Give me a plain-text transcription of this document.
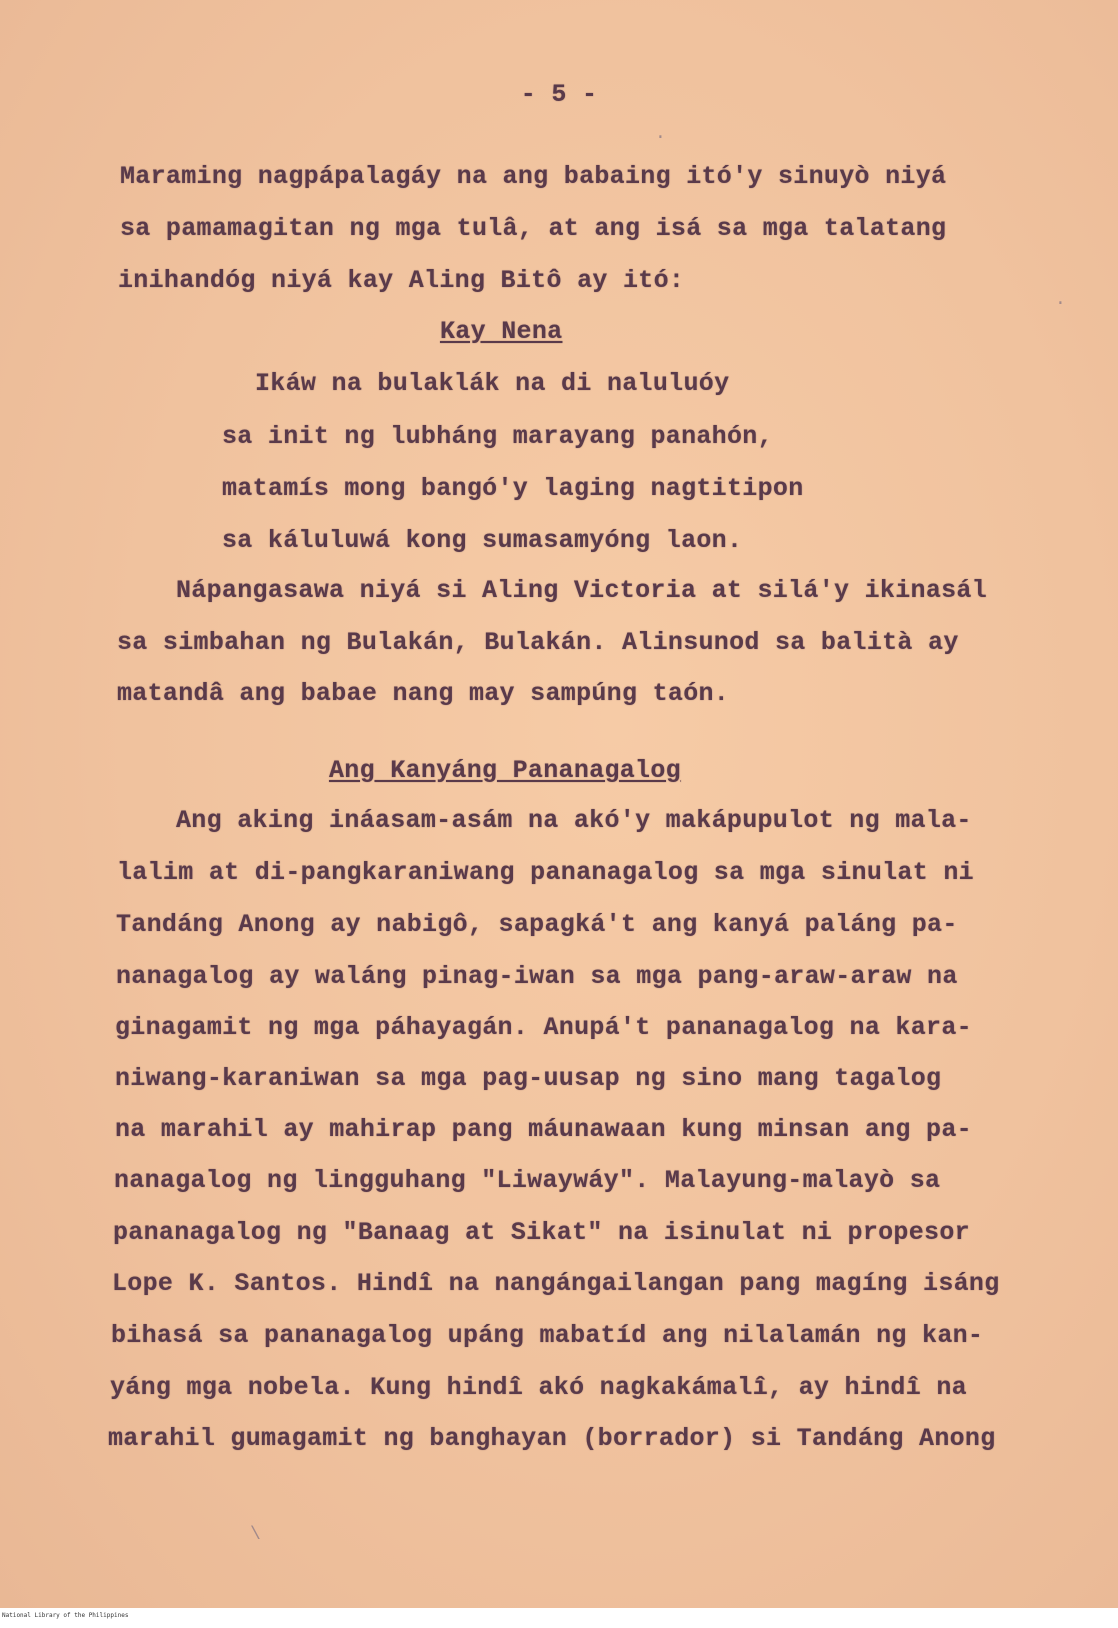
- 5 -
Maraming nagpápalagáy na ang babaing itó'y sinuyò niyá
sa pamamagitan ng mga tulâ, at ang isá sa mga talatang
inihandóg niyá kay Aling Bitô ay itó:
Kay Nena
Ikáw na bulaklák na di naluluóy
sa init ng lubháng marayang panahón,
matamís mong bangó'y laging nagtitipon
sa káluluwá kong sumasamyóng laon.
Nápangasawa niyá si Aling Victoria at silá'y ikinasál
sa simbahan ng Bulakán, Bulakán. Alinsunod sa balità ay
matandâ ang babae nang may sampúng taón.
Ang Kanyáng Pananagalog
Ang aking ináasam-asám na akó'y makápupulot ng mala-
lalim at di-pangkaraniwang pananagalog sa mga sinulat ni
Tandáng Anong ay nabigô, sapagká't ang kanyá paláng pa-
nanagalog ay waláng pinag-iwan sa mga pang-araw-araw na
ginagamit ng mga páhayagán. Anupá't pananagalog na kara-
niwang-karaniwan sa mga pag-uusap ng sino mang tagalog
na marahil ay mahirap pang máunawaan kung minsan ang pa-
nanagalog ng lingguhang "Liwaywáy". Malayung-malayò sa
pananagalog ng "Banaag at Sikat" na isinulat ni propesor
Lope K. Santos. Hindî na nangángailangan pang magíng isáng
bihasá sa pananagalog upáng mabatíd ang nilalamán ng kan-
yáng mga nobela. Kung hindî akó nagkakámalî, ay hindî na
marahil gumagamit ng banghayan (borrador) si Tandáng Anong
.
.
\
National Library of the Philippines
